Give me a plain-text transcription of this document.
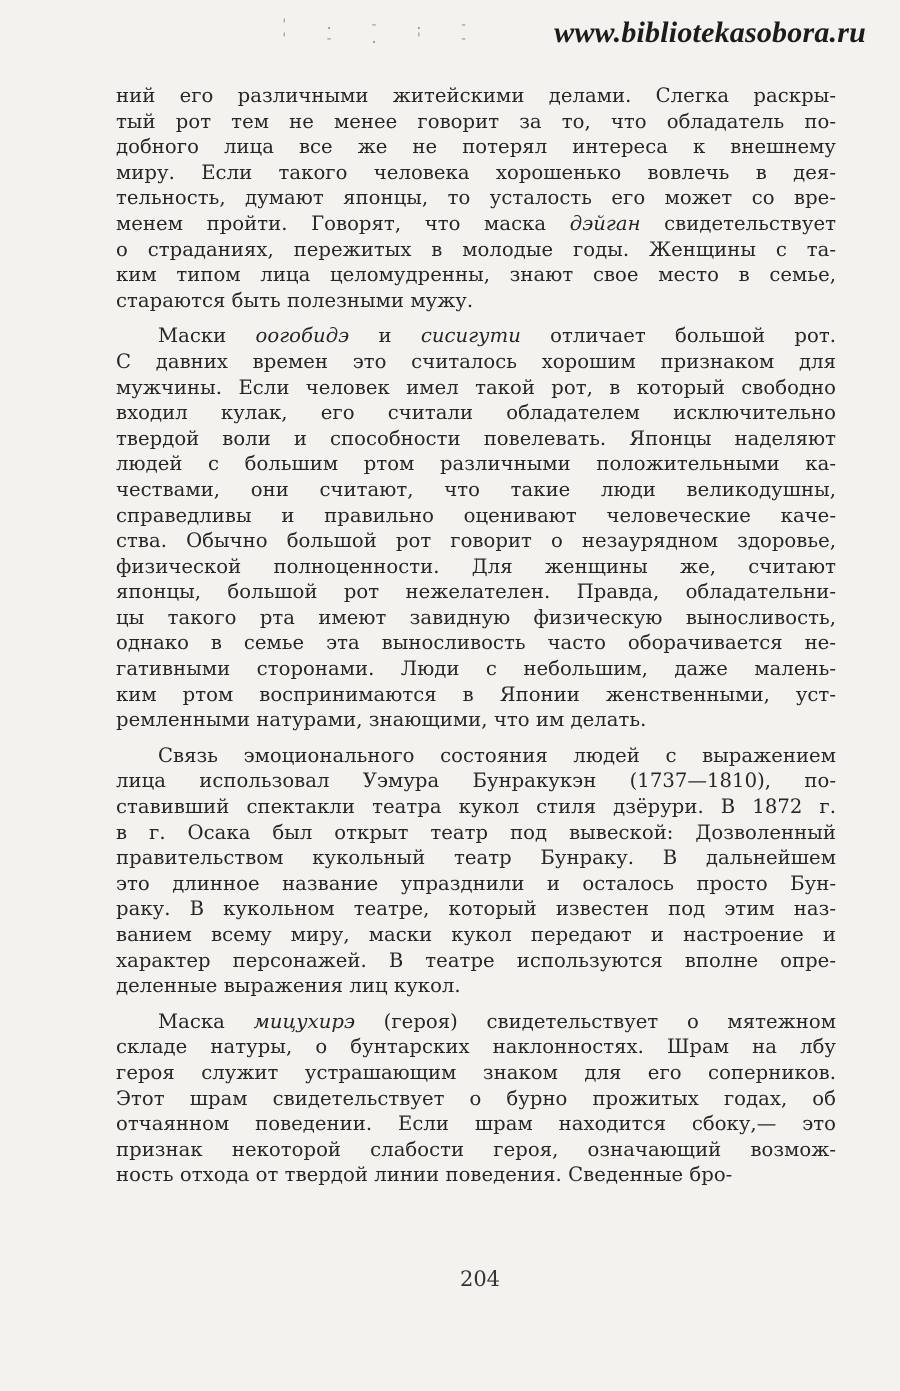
' . - . - ' - . ' -	www.bibliotekasobora.ru
ний его различными житейскими делами. Слегка раскры-
тый рот тем не менее говорит за то, что обладатель по-
добного лица все же не потерял интереса к внешнему
миру. Если такого человека хорошенько вовлечь в дея-
тельность, думают японцы, то усталость его может со вре-
менем пройти. Говорят, что маска дэйган свидетельствует
о страданиях, пережитых в молодые годы. Женщины с та-
ким типом лица целомудренны, знают свое место в семье,
стараются быть полезными мужу.
Маски оогобидэ и сисигути отличает большой рот.
С давних времен это считалось хорошим признаком для
мужчины. Если человек имел такой рот, в который свободно
входил кулак, его считали обладателем исключительно
твердой воли и способности повелевать. Японцы наделяют
людей с большим ртом различными положительными ка-
чествами, они считают, что такие люди великодушны,
справедливы и правильно оценивают человеческие каче-
ства. Обычно большой рот говорит о незаурядном здоровье,
физической полноценности. Для женщины же, считают
японцы, большой рот нежелателен. Правда, обладательни-
цы такого рта имеют завидную физическую выносливость,
однако в семье эта выносливость часто оборачивается не-
гативными сторонами. Люди с небольшим, даже малень-
ким ртом воспринимаются в Японии женственными, уст-
ремленными натурами, знающими, что им делать.
Связь эмоционального состояния людей с выражением
лица использовал Уэмура Бунракукэн (1737—1810), по-
ставивший спектакли театра кукол стиля дзёрури. В 1872 г.
в г. Осака был открыт театр под вывеской: Дозволенный
правительством кукольный театр Бунраку. В дальнейшем
это длинное название упразднили и осталось просто Бун-
раку. В кукольном театре, который известен под этим наз-
ванием всему миру, маски кукол передают и настроение и
характер персонажей. В театре используются вполне опре-
деленные выражения лиц кукол.
Маска мицухирэ (героя) свидетельствует о мятежном
складе натуры, о бунтарских наклонностях. Шрам на лбу
героя служит устрашающим знаком для его соперников.
Этот шрам свидетельствует о бурно прожитых годах, об
отчаянном поведении. Если шрам находится сбоку,— это
признак некоторой слабости героя, означающий возмож-
ность отхода от твердой линии поведения. Сведенные бро-
204
